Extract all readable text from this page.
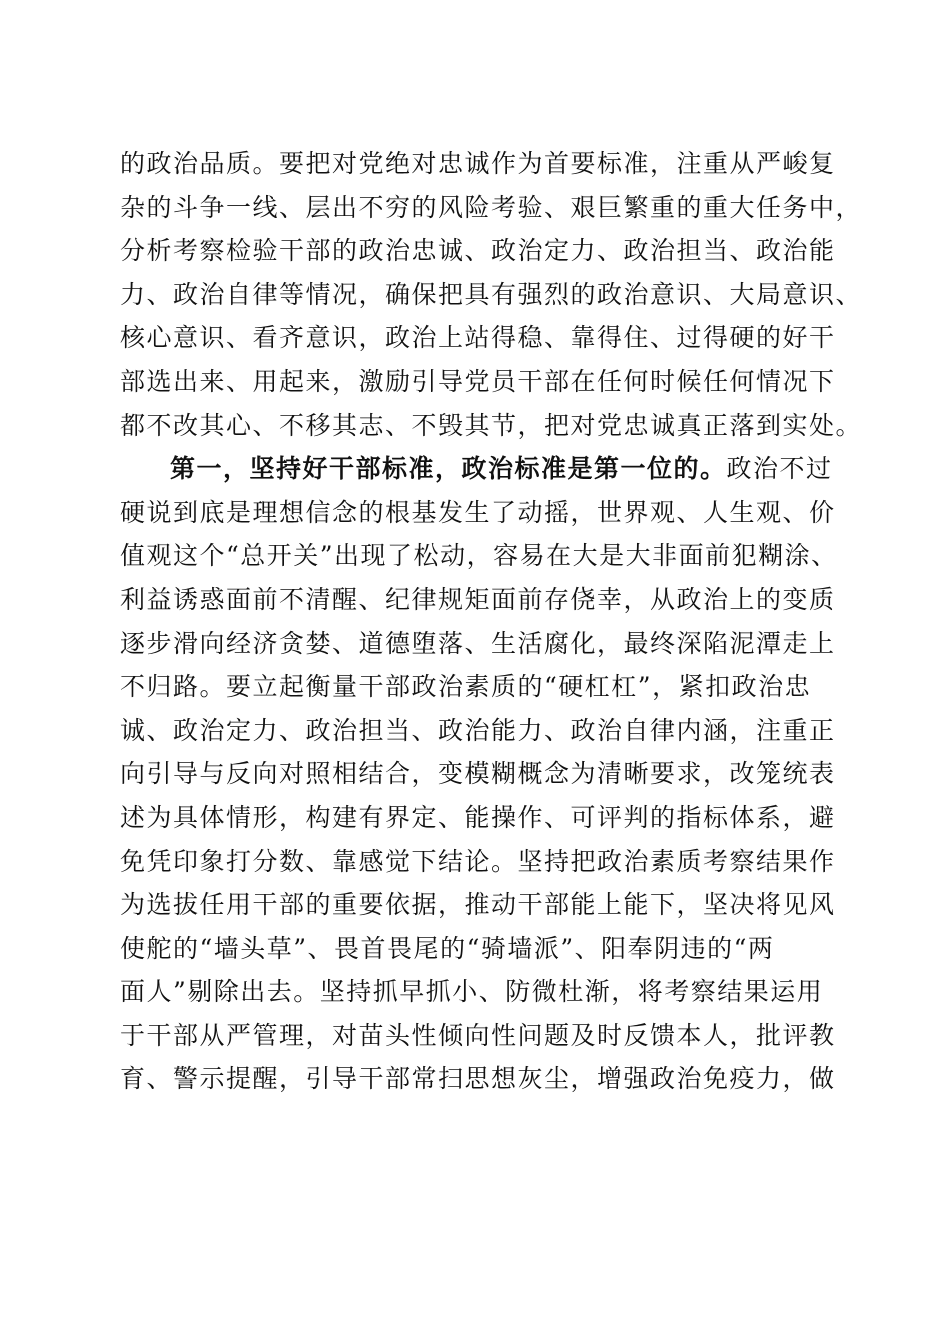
的政治品质。要把对党绝对忠诚作为首要标准，注重从严峻复
杂的斗争一线、层出不穷的风险考验、艰巨繁重的重大任务中，
分析考察检验干部的政治忠诚、政治定力、政治担当、政治能
力、政治自律等情况，确保把具有强烈的政治意识、大局意识、
核心意识、看齐意识，政治上站得稳、靠得住、过得硬的好干
部选出来、用起来，激励引导党员干部在任何时候任何情况下
都不改其心、不移其志、不毁其节，把对党忠诚真正落到实处。
第一，坚持好干部标准，政治标准是第一位的。政治不过
硬说到底是理想信念的根基发生了动摇，世界观、人生观、价
值观这个“总开关”出现了松动，容易在大是大非面前犯糊涂、
利益诱惑面前不清醒、纪律规矩面前存侥幸，从政治上的变质
逐步滑向经济贪婪、道德堕落、生活腐化，最终深陷泥潭走上
不归路。要立起衡量干部政治素质的“硬杠杠”，紧扣政治忠
诚、政治定力、政治担当、政治能力、政治自律内涵，注重正
向引导与反向对照相结合，变模糊概念为清晰要求，改笼统表
述为具体情形，构建有界定、能操作、可评判的指标体系，避
免凭印象打分数、靠感觉下结论。坚持把政治素质考察结果作
为选拔任用干部的重要依据，推动干部能上能下，坚决将见风
使舵的“墙头草”、畏首畏尾的“骑墙派”、阳奉阴违的“两
面人”剔除出去。坚持抓早抓小、防微杜渐，将考察结果运用
于干部从严管理，对苗头性倾向性问题及时反馈本人，批评教
育、警示提醒，引导干部常扫思想灰尘，增强政治免疫力，做
